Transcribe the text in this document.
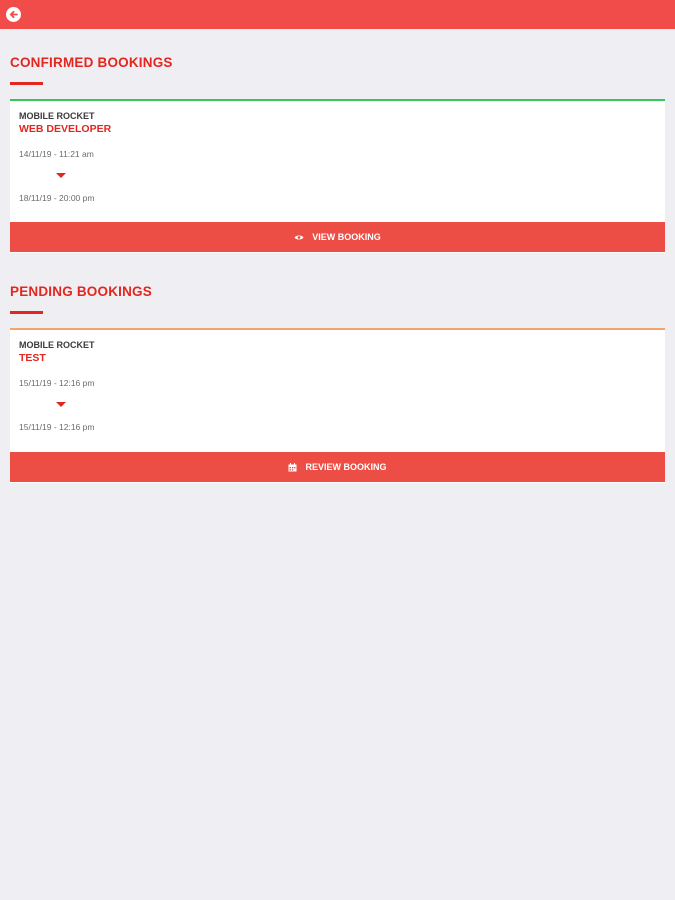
CONFIRMED BOOKINGS
MOBILE ROCKET
WEB DEVELOPER
14/11/19 - 11:21 am
18/11/19 - 20:00 pm
VIEW BOOKING
PENDING BOOKINGS
MOBILE ROCKET
TEST
15/11/19 - 12:16 pm
15/11/19 - 12:16 pm
REVIEW BOOKING
